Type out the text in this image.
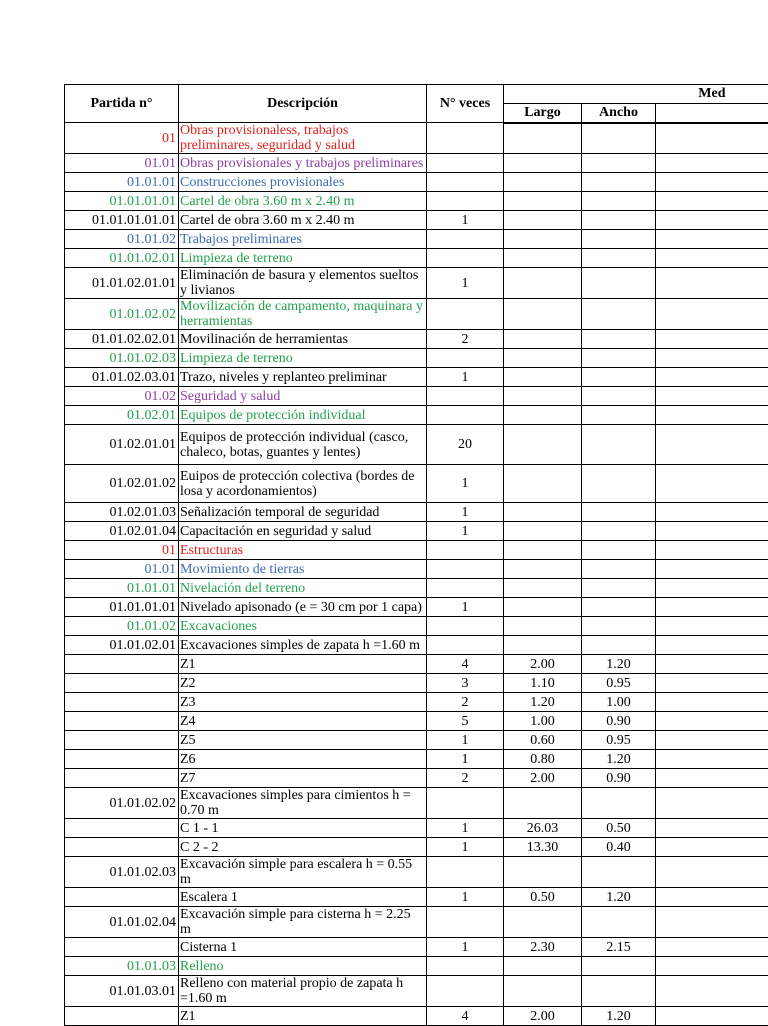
Partida n°	Descripción	N° veces	Med		
			Largo	Ancho	
01	Obras provisionaless, trabajos preliminares, seguridad y salud				
01.01	Obras provisionales y trabajos preliminares				
01.01.01	Construcciones provisionales				
01.01.01.01	Cartel de obra 3.60 m x 2.40 m				
01.01.01.01.01	Cartel de obra 3.60 m x 2.40 m	1			
01.01.02	Trabajos preliminares				
01.01.02.01	Limpieza de terreno				
01.01.02.01.01	Eliminación de basura y elementos sueltos y livianos	1			
01.01.02.02	Movilización de campamento, maquinara y herramientas				
01.01.02.02.01	Movilinación de herramientas	2			
01.01.02.03	Limpieza de terreno				
01.01.02.03.01	Trazo, niveles y replanteo preliminar	1			
01.02	Seguridad y salud				
01.02.01	Equipos de protección individual				
01.02.01.01	Equipos de protección individual (casco, chaleco, botas, guantes y lentes)	20			
01.02.01.02	Euipos de protección colectiva (bordes de losa y acordonamientos)	1			
01.02.01.03	Señalización temporal de seguridad	1			
01.02.01.04	Capacitación en seguridad y salud	1			
01	Estructuras				
01.01	Movimiento de tierras				
01.01.01	Nivelación del terreno				
01.01.01.01	Nivelado apisonado (e = 30 cm por 1 capa)	1			
01.01.02	Excavaciones				
01.01.02.01	Excavaciones simples de zapata h =1.60 m				
	Z1	4	2.00	1.20	
	Z2	3	1.10	0.95	
	Z3	2	1.20	1.00	
	Z4	5	1.00	0.90	
	Z5	1	0.60	0.95	
	Z6	1	0.80	1.20	
	Z7	2	2.00	0.90	
01.01.02.02	Excavaciones simples para cimientos h = 0.70 m				
	C 1 - 1	1	26.03	0.50	
	C 2 - 2	1	13.30	0.40	
01.01.02.03	Excavación simple para escalera h = 0.55 m				
	Escalera 1	1	0.50	1.20	
01.01.02.04	Excavación simple para cisterna h = 2.25 m				
	Cisterna 1	1	2.30	2.15	
01.01.03	Relleno				
01.01.03.01	Relleno con material propio de zapata h =1.60 m				
	Z1	4	2.00	1.20	
